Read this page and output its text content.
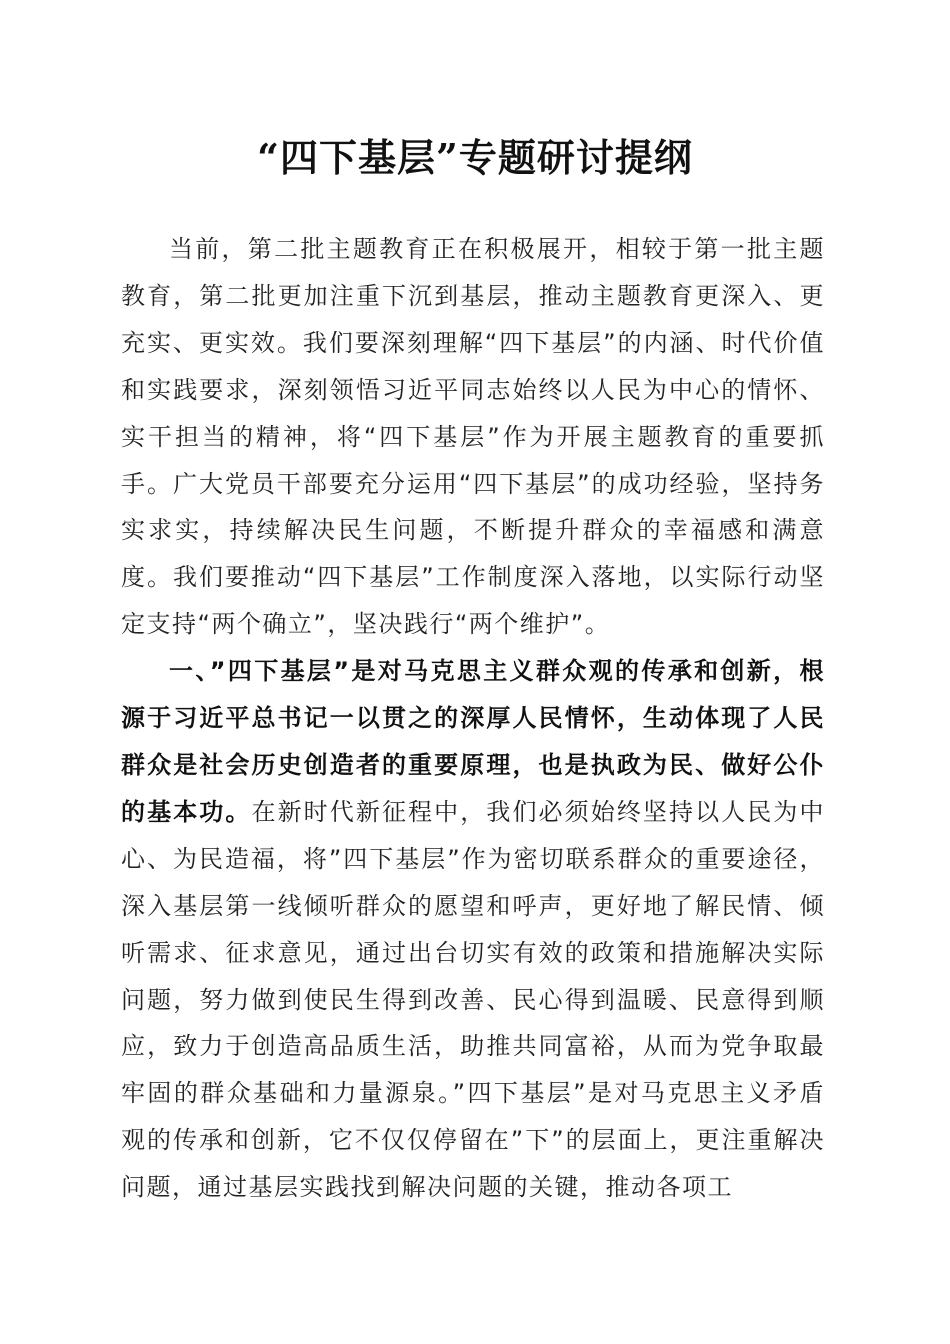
“四下基层”专题研讨提纲

当前，第二批主题教育正在积极展开，相较于第一批主题教育，第二批更加注重下沉到基层，推动主题教育更深入、更充实、更实效。我们要深刻理解“四下基层”的内涵、时代价值和实践要求，深刻领悟习近平同志始终以人民为中心的情怀、实干担当的精神，将“四下基层”作为开展主题教育的重要抓手。广大党员干部要充分运用“四下基层”的成功经验，坚持务实求实，持续解决民生问题，不断提升群众的幸福感和满意度。我们要推动“四下基层”工作制度深入落地，以实际行动坚定支持“两个确立”，坚决践行“两个维护”。

一、”四下基层”是对马克思主义群众观的传承和创新，根源于习近平总书记一以贯之的深厚人民情怀，生动体现了人民群众是社会历史创造者的重要原理，也是执政为民、做好公仆的基本功。在新时代新征程中，我们必须始终坚持以人民为中心、为民造福，将”四下基层”作为密切联系群众的重要途径，深入基层第一线倾听群众的愿望和呼声，更好地了解民情、倾听需求、征求意见，通过出台切实有效的政策和措施解决实际问题，努力做到使民生得到改善、民心得到温暖、民意得到顺应，致力于创造高品质生活，助推共同富裕，从而为党争取最牢固的群众基础和力量源泉。”四下基层”是对马克思主义矛盾观的传承和创新，它不仅仅停留在”下”的层面上，更注重解决问题，通过基层实践找到解决问题的关键，推动各项工
